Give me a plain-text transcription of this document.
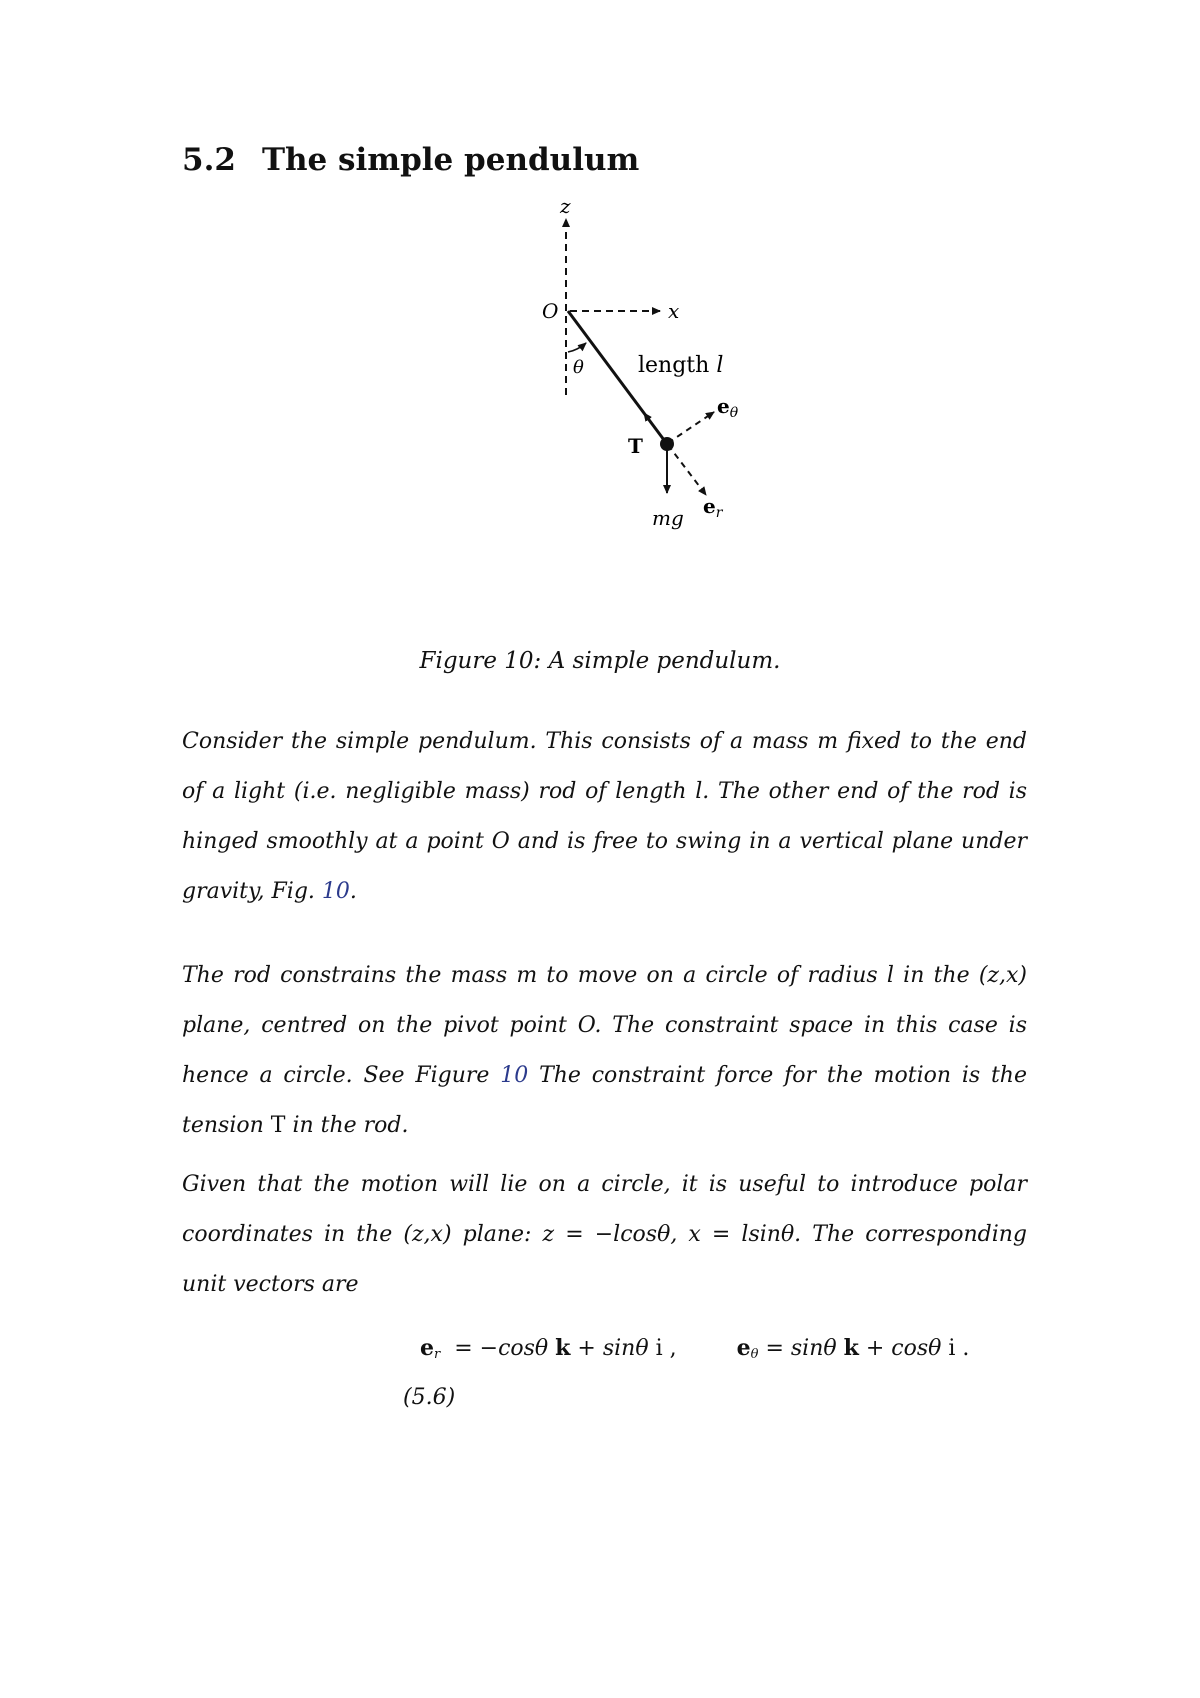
5.2 The simple pendulum
z
O	x
θ length l
$e_\theta$
T
mg $e_r$

Figure 10: A simple pendulum.

Consider the simple pendulum. This consists of a mass m fixed to the end of a light (i.e. negligible mass) rod of length l. The other end of the rod is hinged smoothly at a point O and is free to swing in a vertical plane under gravity, Fig. 10.

The rod constrains the mass m to move on a circle of radius l in the (z,x) plane, centred on the pivot point O. The constraint space in this case is hence a circle. See Figure 10 The constraint force for the motion is the tension T in the rod.

Given that the motion will lie on a circle, it is useful to introduce polar coordinates in the (z,x) plane: z = −lcosθ, x = lsinθ. The corresponding unit vectors are

$e_r = -\cos\theta$ k + sinθ i ,	$e_\theta = \sin\theta$ k + cosθ i .
(5.6)
